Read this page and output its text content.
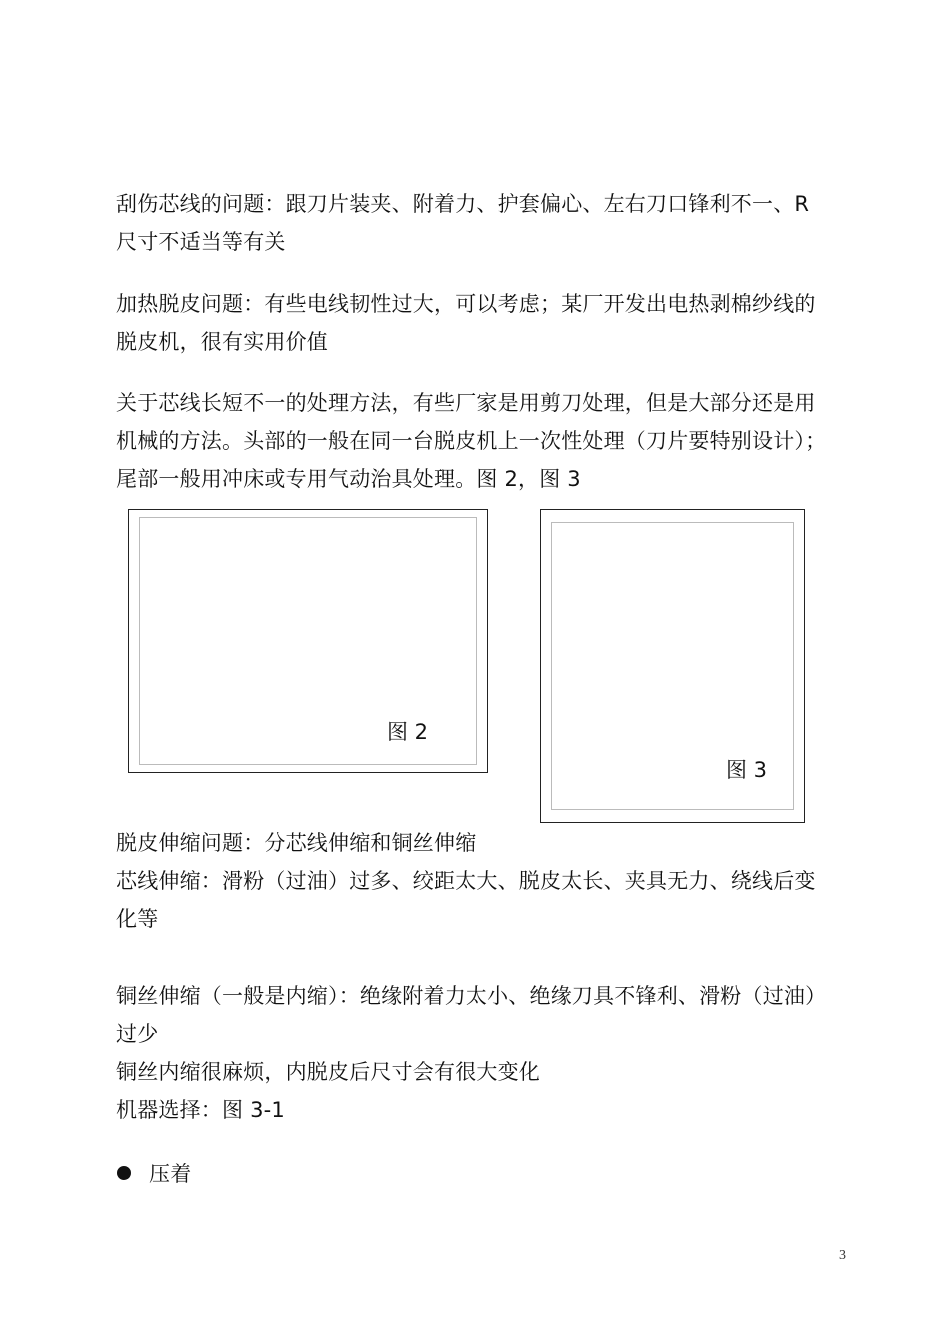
刮伤芯线的问题：跟刀片装夹、附着力、护套偏心、左右刀口锋利不一、R
尺寸不适当等有关
加热脱皮问题：有些电线韧性过大，可以考虑；某厂开发出电热剥棉纱线的
脱皮机，很有实用价值
关于芯线长短不一的处理方法，有些厂家是用剪刀处理，但是大部分还是用
机械的方法。头部的一般在同一台脱皮机上一次性处理（刀片要特别设计）；
尾部一般用冲床或专用气动治具处理。图 2，图 3
图 2
图 3
脱皮伸缩问题：分芯线伸缩和铜丝伸缩
芯线伸缩：滑粉（过油）过多、绞距太大、脱皮太长、夹具无力、绕线后变
化等
铜丝伸缩（一般是内缩）：绝缘附着力太小、绝缘刀具不锋利、滑粉（过油）
过少
铜丝内缩很麻烦，内脱皮后尺寸会有很大变化
机器选择：图 3-1
压着
3
